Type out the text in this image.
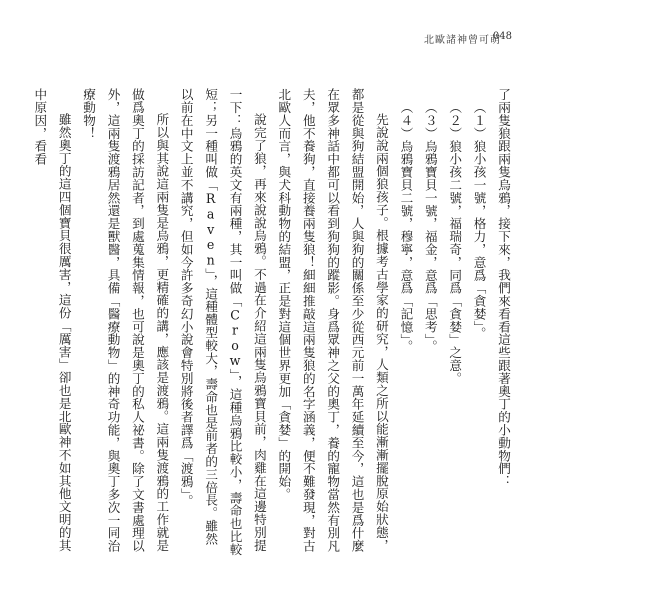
北歐諸神曾可萌
048

了兩隻狼跟兩隻烏鴉，接下來，我們來看看這些跟著奧丁的小動物們：

（１）狼小孩一號，格力，意爲「貪婪」。

（２）狼小孩二號，福瑞奇，同爲「貪婪」之意。

（３）烏鴉寶貝一號，福金，意爲「思考」。

（４）烏鴉寶貝二號，穆寧，意爲「記憶」。

先說說兩個狼孩子。根據考古學家的研究，人類之所以能漸漸擺脫原始狀態，都是從與狗結盟開始，人與狗的關係至少從西元前一萬年延續至今，這也是爲什麼在眾多神話中都可以看到狗狗的蹤影。身爲眾神之父的奧丁，養的寵物當然有別凡夫，他不養狗，直接養兩隻狼！細細推敲這兩隻狼的名字涵義，便不難發現，對古北歐人而言，與犬科動物的結盟，正是對這個世界更加「貪婪」的開始。

說完了狼，再來說說烏鴉。不過在介紹這兩隻烏鴉寶貝前，肉雞在這邊特別提一下：烏鴉的英文有兩種，其一叫做「Crow」，這種烏鴉比較小，壽命也比較短；另一種叫做「Raven」，這種體型較大，壽命也是前者的三倍長。雖然以前在中文上並不講究，但如今許多奇幻小說會特別將後者譯爲「渡鴉」。

所以與其說這兩隻是烏鴉，更精確的講，應該是渡鴉。這兩隻渡鴉的工作就是做爲奧丁的採訪記者，到處蒐集情報，也可說是奧丁的私人祕書。除了文書處理以外，這兩隻渡鴉居然還是獸醫，具備「醫療動物」的神奇功能，與奧丁多次一同治療動物！

雖然奧丁的這四個寶貝很厲害，這份「厲害」卻也是北歐神不如其他文明的其中原因，看看
